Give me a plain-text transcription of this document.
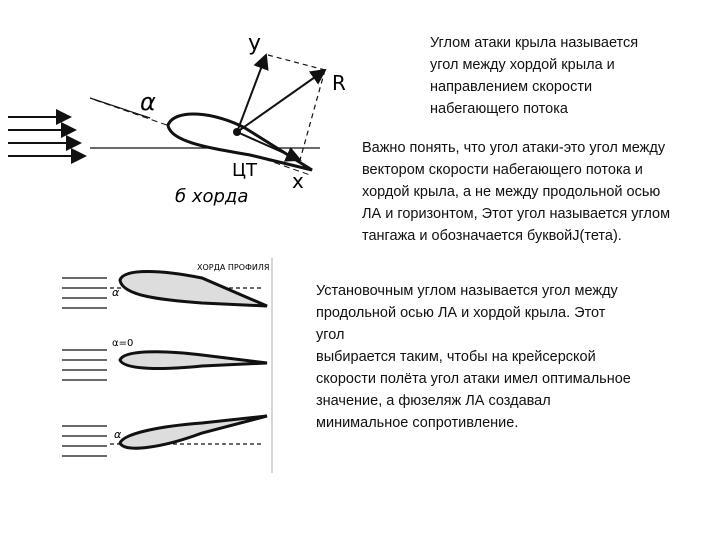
у
R
α
ЦТ х
б хорда
ХОРДА ПРОФИЛЯ
α
α=0
α
Углом атаки крыла называется
угол между хордой крыла и
направлением скорости
набегающего потока
Важно понять, что угол атаки-это угол между
вектором скорости набегающего потока и
хордой крыла, а не между продольной осью
ЛА и горизонтом, Этот угол называется углом
тангажа и обозначается буквойJ(тета).
Установочным углом называется угол между
продольной осью ЛА и хордой крыла. Этот
угол
выбирается таким, чтобы на крейсерской
скорости полёта угол атаки имел оптимальное
значение, а фюзеляж ЛА создавал
минимальное сопротивление.
